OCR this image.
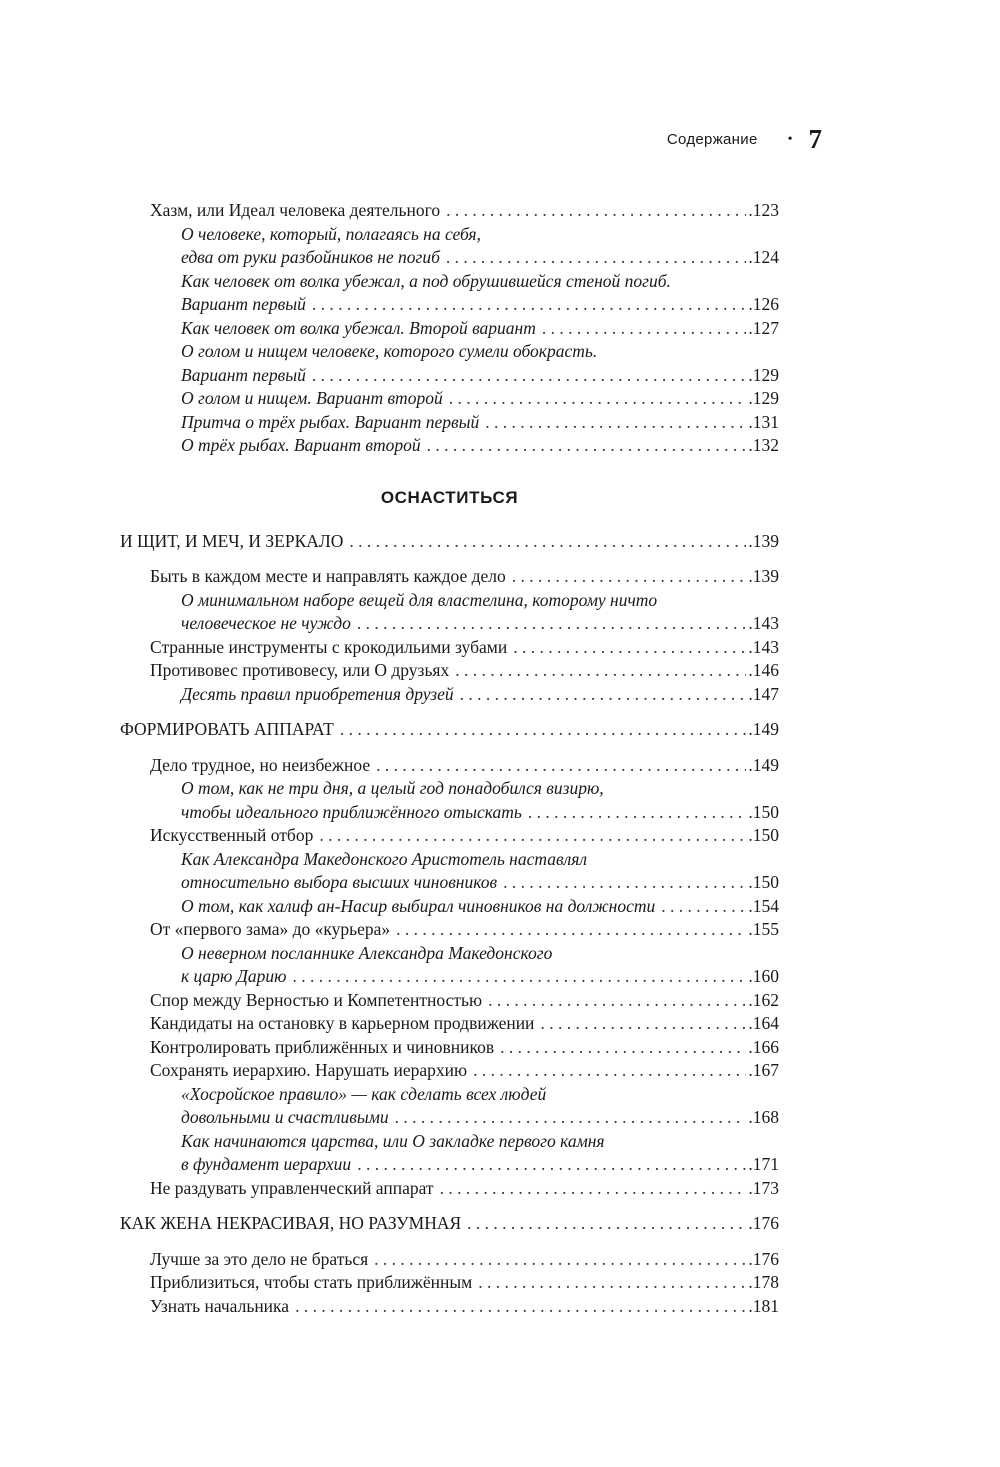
Содержание • 7
Хазм, или Идеал человека деятельного . . .	.123
О человеке, который, полагаясь на себя,
едва от руки разбойников не погиб . . .	.124
Как человек от волка убежал, а под обрушившейся стеной погиб.
Вариант первый . . .	.126
Как человек от волка убежал. Второй вариант . . .	.127
О голом и нищем человеке, которого сумели обокрасть.
Вариант первый . . .	.129
О голом и нищем. Вариант второй . . .	.129
Притча о трёх рыбах. Вариант первый . . .	.131
О трёх рыбах. Вариант второй . . .	.132
ОСНАСТИТЬСЯ
И ЩИТ, И МЕЧ, И ЗЕРКАЛО . . .	.139
Быть в каждом месте и направлять каждое дело . . .	.139
О минимальном наборе вещей для властелина, которому ничто
человеческое не чуждо . . .	.143
Странные инструменты с крокодильими зубами . . .	.143
Противовес противовесу, или О друзьях . . .	.146
Десять правил приобретения друзей . . .	.147
ФОРМИРОВАТЬ АППАРАТ . . .	.149
Дело трудное, но неизбежное . . .	.149
О том, как не три дня, а целый год понадобился визирю,
чтобы идеального приближённого отыскать . . .	.150
Искусственный отбор . . .	.150
Как Александра Македонского Аристотель наставлял
относительно выбора высших чиновников . . .	.150
О том, как халиф ан-Насир выбирал чиновников на должности . . .	.154
От «первого зама» до «курьера» . . .	.155
О неверном посланнике Александра Македонского
к царю Дарию . . .	.160
Спор между Верностью и Компетентностью . . .	.162
Кандидаты на остановку в карьерном продвижении . . .	.164
Контролировать приближённых и чиновников . . .	.166
Сохранять иерархию. Нарушать иерархию . . .	.167
«Хосройское правило» — как сделать всех людей
довольными и счастливыми . . .	.168
Как начинаются царства, или О закладке первого камня
в фундамент иерархии . . .	.171
Не раздувать управленческий аппарат . . .	.173
КАК ЖЕНА НЕКРАСИВАЯ, НО РАЗУМНАЯ . . .	.176
Лучше за это дело не браться . . .	.176
Приблизиться, чтобы стать приближённым . . .	.178
Узнать начальника . . .	.181
